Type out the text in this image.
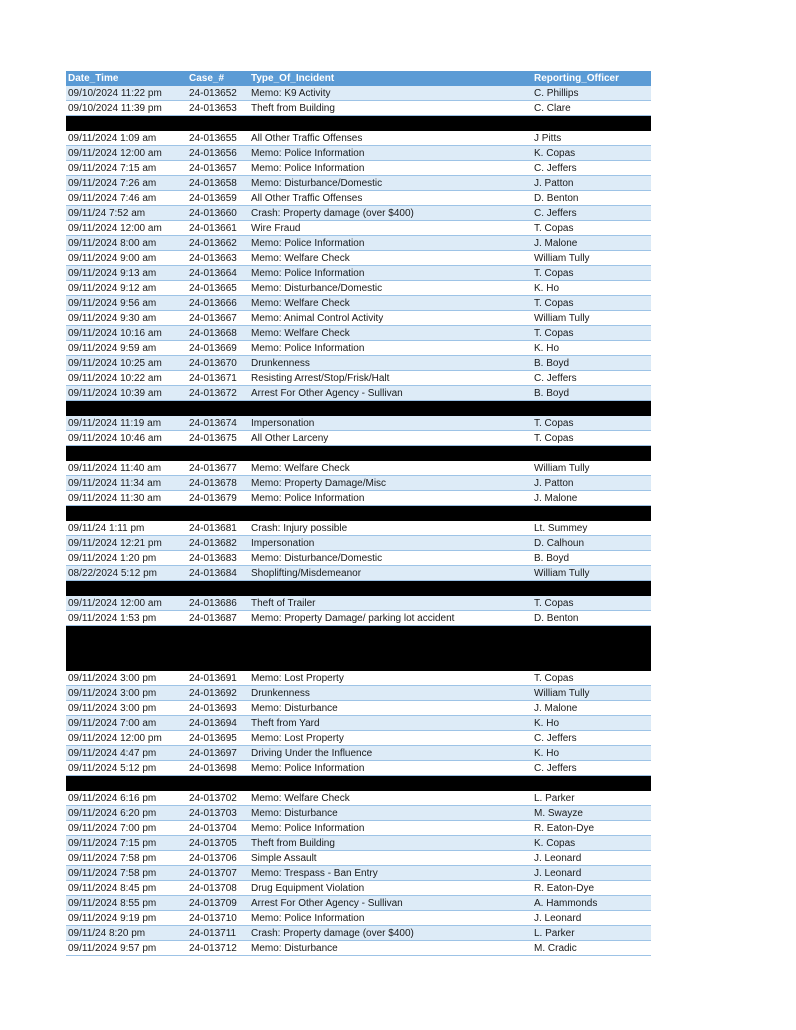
Date_Time	Case_#	Type_Of_Incident	Reporting_Officer
09/10/2024 11:22 pm	24-013652	Memo: K9 Activity	C. Phillips
09/10/2024 11:39 pm	24-013653	Theft from Building	C. Clare
09/11/2024 1:09 am	24-013655	All Other Traffic Offenses	J Pitts
09/11/2024 12:00 am	24-013656	Memo: Police Information	K. Copas
09/11/2024 7:15 am	24-013657	Memo: Police Information	C. Jeffers
09/11/2024 7:26 am	24-013658	Memo: Disturbance/Domestic	J. Patton
09/11/2024 7:46 am	24-013659	All Other Traffic Offenses	D. Benton
09/11/24 7:52 am	24-013660	Crash: Property damage (over $400)	C. Jeffers
09/11/2024 12:00 am	24-013661	Wire Fraud	T. Copas
09/11/2024 8:00 am	24-013662	Memo: Police Information	J. Malone
09/11/2024 9:00 am	24-013663	Memo: Welfare Check	William Tully
09/11/2024 9:13 am	24-013664	Memo: Police Information	T. Copas
09/11/2024 9:12 am	24-013665	Memo: Disturbance/Domestic	K. Ho
09/11/2024 9:56 am	24-013666	Memo: Welfare Check	T. Copas
09/11/2024 9:30 am	24-013667	Memo: Animal Control Activity	William Tully
09/11/2024 10:16 am	24-013668	Memo: Welfare Check	T. Copas
09/11/2024 9:59 am	24-013669	Memo: Police Information	K. Ho
09/11/2024 10:25 am	24-013670	Drunkenness	B. Boyd
09/11/2024 10:22 am	24-013671	Resisting Arrest/Stop/Frisk/Halt	C. Jeffers
09/11/2024 10:39 am	24-013672	Arrest For Other Agency - Sullivan	B. Boyd
09/11/2024 11:19 am	24-013674	Impersonation	T. Copas
09/11/2024 10:46 am	24-013675	All Other Larceny	T. Copas
09/11/2024 11:40 am	24-013677	Memo: Welfare Check	William Tully
09/11/2024 11:34 am	24-013678	Memo: Property Damage/Misc	J. Patton
09/11/2024 11:30 am	24-013679	Memo: Police Information	J. Malone
09/11/24 1:11 pm	24-013681	Crash: Injury possible	Lt. Summey
09/11/2024 12:21 pm	24-013682	Impersonation	D. Calhoun
09/11/2024 1:20 pm	24-013683	Memo: Disturbance/Domestic	B. Boyd
08/22/2024 5:12 pm	24-013684	Shoplifting/Misdemeanor	William Tully
09/11/2024 12:00 am	24-013686	Theft of Trailer	T. Copas
09/11/2024 1:53 pm	24-013687	Memo: Property Damage/ parking lot accident	D. Benton
09/11/2024 3:00 pm	24-013691	Memo: Lost Property	T. Copas
09/11/2024 3:00 pm	24-013692	Drunkenness	William Tully
09/11/2024 3:00 pm	24-013693	Memo: Disturbance	J. Malone
09/11/2024 7:00 am	24-013694	Theft from Yard	K. Ho
09/11/2024 12:00 pm	24-013695	Memo: Lost Property	C. Jeffers
09/11/2024 4:47 pm	24-013697	Driving Under the Influence	K. Ho
09/11/2024 5:12 pm	24-013698	Memo: Police Information	C. Jeffers
09/11/2024 6:16 pm	24-013702	Memo: Welfare Check	L. Parker
09/11/2024 6:20 pm	24-013703	Memo: Disturbance	M. Swayze
09/11/2024 7:00 pm	24-013704	Memo: Police Information	R. Eaton-Dye
09/11/2024 7:15 pm	24-013705	Theft from Building	K. Copas
09/11/2024 7:58 pm	24-013706	Simple Assault	J. Leonard
09/11/2024 7:58 pm	24-013707	Memo: Trespass - Ban Entry	J. Leonard
09/11/2024 8:45 pm	24-013708	Drug Equipment Violation	R. Eaton-Dye
09/11/2024 8:55 pm	24-013709	Arrest For Other Agency - Sullivan	A. Hammonds
09/11/2024 9:19 pm	24-013710	Memo: Police Information	J. Leonard
09/11/24 8:20 pm	24-013711	Crash: Property damage (over $400)	L. Parker
09/11/2024 9:57 pm	24-013712	Memo: Disturbance	M. Cradic
